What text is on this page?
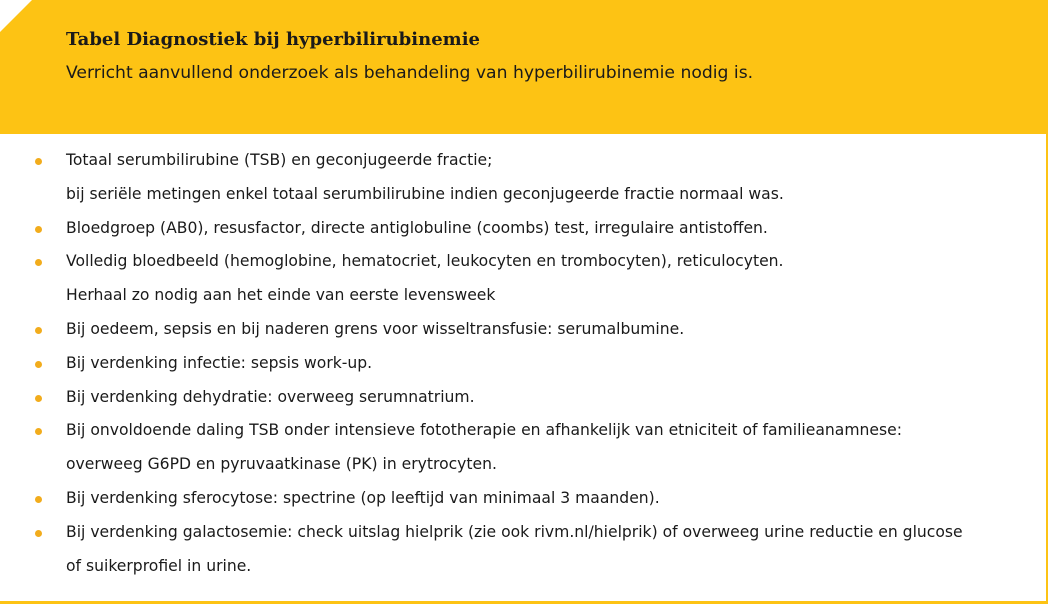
Tabel Diagnostiek bij hyperbilirubinemie
Verricht aanvullend onderzoek als behandeling van hyperbilirubinemie nodig is.
Totaal serumbilirubine (TSB) en geconjugeerde fractie;
bij seriële metingen enkel totaal serumbilirubine indien geconjugeerde fractie normaal was.
Bloedgroep (AB0), resusfactor, directe antiglobuline (coombs) test, irregulaire antistoffen.
Volledig bloedbeeld (hemoglobine, hematocriet, leukocyten en trombocyten), reticulocyten.
Herhaal zo nodig aan het einde van eerste levensweek
Bij oedeem, sepsis en bij naderen grens voor wisseltransfusie: serumalbumine.
Bij verdenking infectie: sepsis work-up.
Bij verdenking dehydratie: overweeg serumnatrium.
Bij onvoldoende daling TSB onder intensieve fototherapie en afhankelijk van etniciteit of familieanamnese:
overweeg G6PD en pyruvaatkinase (PK) in erytrocyten.
Bij verdenking sferocytose: spectrine (op leeftijd van minimaal 3 maanden).
Bij verdenking galactosemie: check uitslag hielprik (zie ook rivm.nl/hielprik) of overweeg urine reductie en glucose
of suikerprofiel in urine.
